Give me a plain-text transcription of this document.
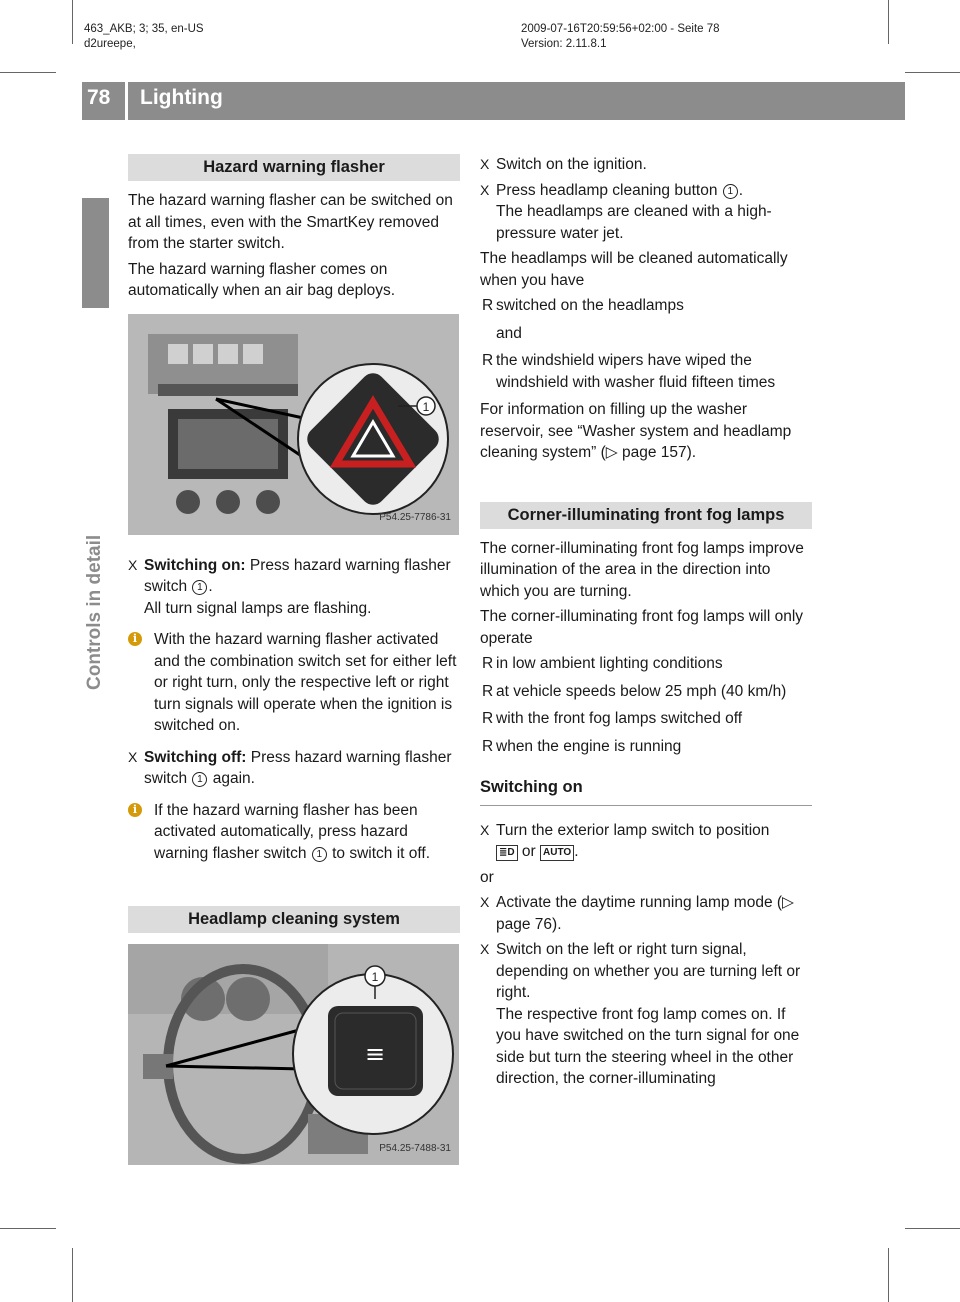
463_AKB; 3; 35, en-US
d2ureepe,
2009-07-16T20:59:56+02:00 - Seite 78
Version: 2.11.8.1
78 Lighting
Controls in detail
Hazard warning flasher

The hazard warning flasher can be switched on at all times, even with the SmartKey removed from the starter switch.

The hazard warning flasher comes on automatically when an air bag deploys.

1
P54.25-7786-31
X Switching on: Press hazard warning flasher switch 1 .
All turn signal lamps are flashing.
i	With the hazard warning flasher activated and the combination switch set for either left or right turn, only the respective left or right turn signals will operate when the ignition is switched on.
X Switching off: Press hazard warning flasher switch 1 again.
i	If the hazard warning flasher has been activated automatically, press hazard warning flasher switch 1 to switch it off.
Headlamp cleaning system
≡
1
P54.25-7488-31
X Switch on the ignition.
X Press headlamp cleaning button 1 .
The headlamps are cleaned with a high-pressure water jet.

The headlamps will be cleaned automatically when you have

R switched on the headlamps
and
R the windshield wipers have wiped the windshield with washer fluid fifteen times

For information on filling up the washer reservoir, see “Washer system and headlamp cleaning system” (▷ page 157).

Corner-illuminating front fog lamps

The corner-illuminating front fog lamps improve illumination of the area in the direction into which you are turning.

The corner-illuminating front fog lamps will only operate

R in low ambient lighting conditions
R at vehicle speeds below 25 mph (40 km/h)
R with the front fog lamps switched off
R when the engine is running
Switching on
X Turn the exterior lamp switch to position
≣D or AUTO .
or
X Activate the daytime running lamp mode (▷ page 76).
X Switch on the left or right turn signal, depending on whether you are turning left or right.
The respective front fog lamp comes on. If you have switched on the turn signal for one side but turn the steering wheel in the other direction, the corner-illuminating
